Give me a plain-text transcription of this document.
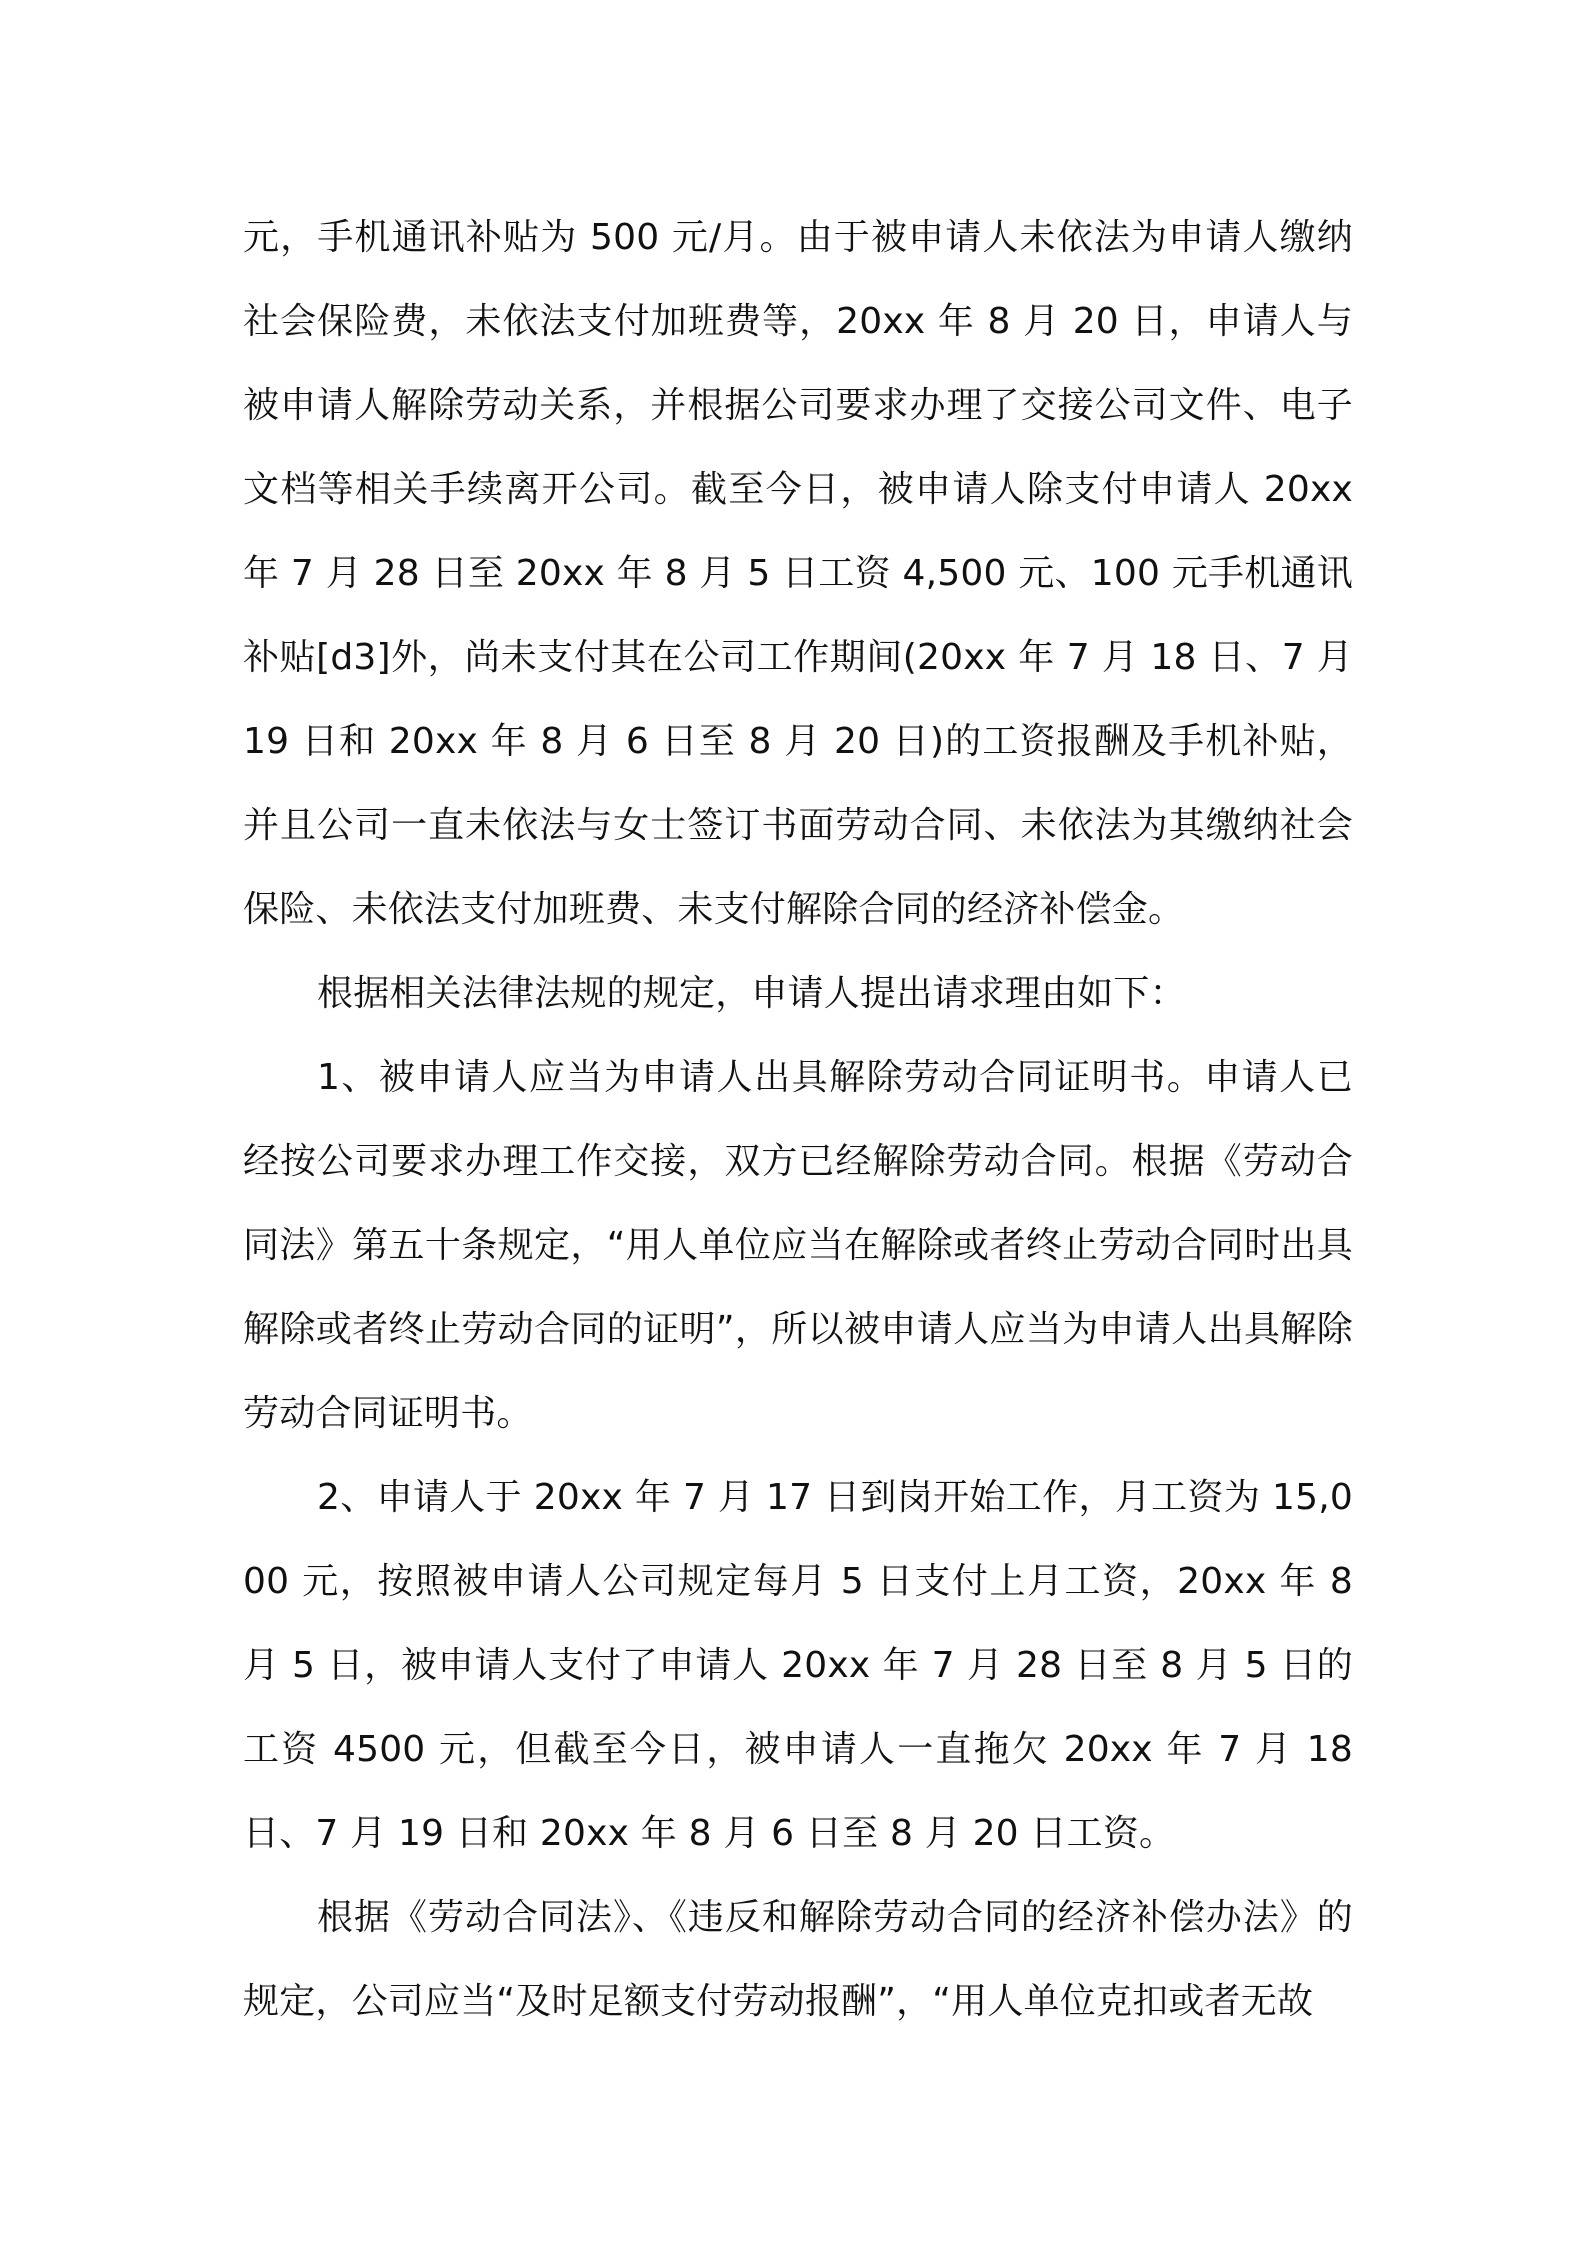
元，手机通讯补贴为 500 元/月。由于被申请人未依法为申请人缴纳社会保险费，未依法支付加班费等，20xx 年 8 月 20 日，申请人与被申请人解除劳动关系，并根据公司要求办理了交接公司文件、电子文档等相关手续离开公司。截至今日，被申请人除支付申请人 20xx 年 7 月 28 日至 20xx 年 8 月 5 日工资 4,500 元、100 元手机通讯补贴[d3]外，尚未支付其在公司工作期间(20xx 年 7 月 18 日、7 月 19 日和 20xx 年 8 月 6 日至 8 月 20 日)的工资报酬及手机补贴，并且公司一直未依法与女士签订书面劳动合同、未依法为其缴纳社会保险、未依法支付加班费、未支付解除合同的经济补偿金。

根据相关法律法规的规定，申请人提出请求理由如下：

1、被申请人应当为申请人出具解除劳动合同证明书。申请人已经按公司要求办理工作交接，双方已经解除劳动合同。根据《劳动合同法》第五十条规定，“用人单位应当在解除或者终止劳动合同时出具解除或者终止劳动合同的证明”，所以被申请人应当为申请人出具解除劳动合同证明书。

2、申请人于 20xx 年 7 月 17 日到岗开始工作，月工资为 15,000 元，按照被申请人公司规定每月 5 日支付上月工资，20xx 年 8 月 5 日，被申请人支付了申请人 20xx 年 7 月 28 日至 8 月 5 日的工资 4500 元，但截至今日，被申请人一直拖欠 20xx 年 7 月 18 日、7 月 19 日和 20xx 年 8 月 6 日至 8 月 20 日工资。

根据《劳动合同法》、《违反和解除劳动合同的经济补偿办法》的规定，公司应当“及时足额支付劳动报酬”，“用人单位克扣或者无故
